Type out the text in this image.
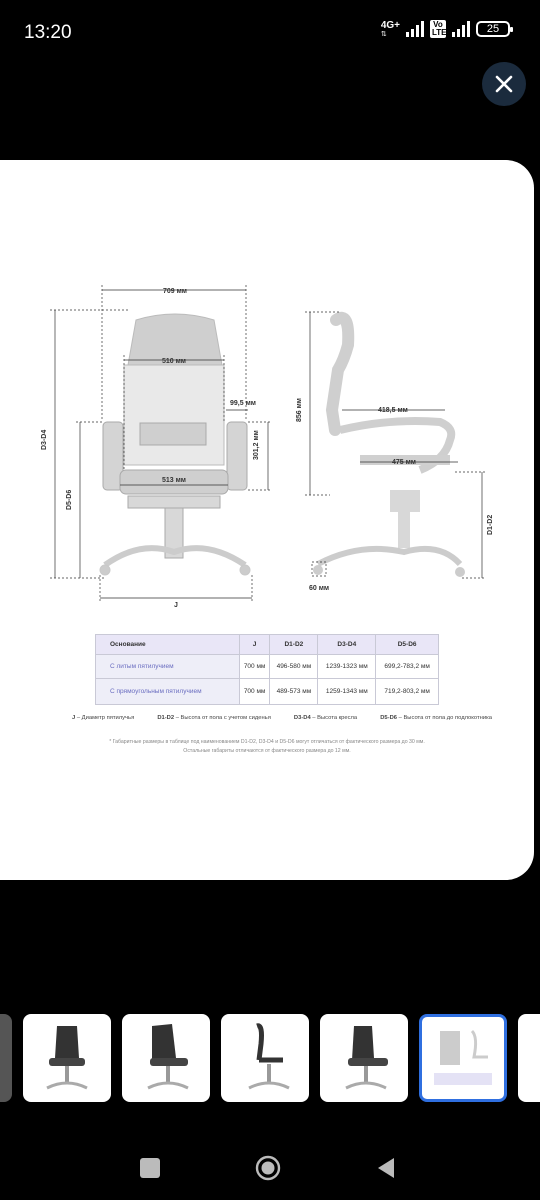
13:20	4G+
⇅
Vo LTE	25
709 мм
510 мм
99,5 мм
301,2 мм
513 мм
D3-D4
D5-D6
J
856 мм	418,5 мм
475 мм
60 мм
D1-D2
Основание	J	D1-D2	D3-D4	D5-D6
С литым пятилучием	700 мм	496-580 мм	1239-1323 мм	699,2-783,2 мм
С прямоугольным пятилучием	700 мм	489-573 мм	1259-1343 мм	719,2-803,2 мм
J – Диаметр пятилучья	D1-D2 – Высота от пола с учетом сиденья	D3-D4 – Высота кресла	D5-D6 – Высота от пола до подлокотника
* Габаритные размеры в таблице под наименованием D1-D2, D3-D4 и D5-D6 могут отличаться от фактического размера до 30 мм.
Остальные габариты отличаются от фактического размера до 12 мм.
